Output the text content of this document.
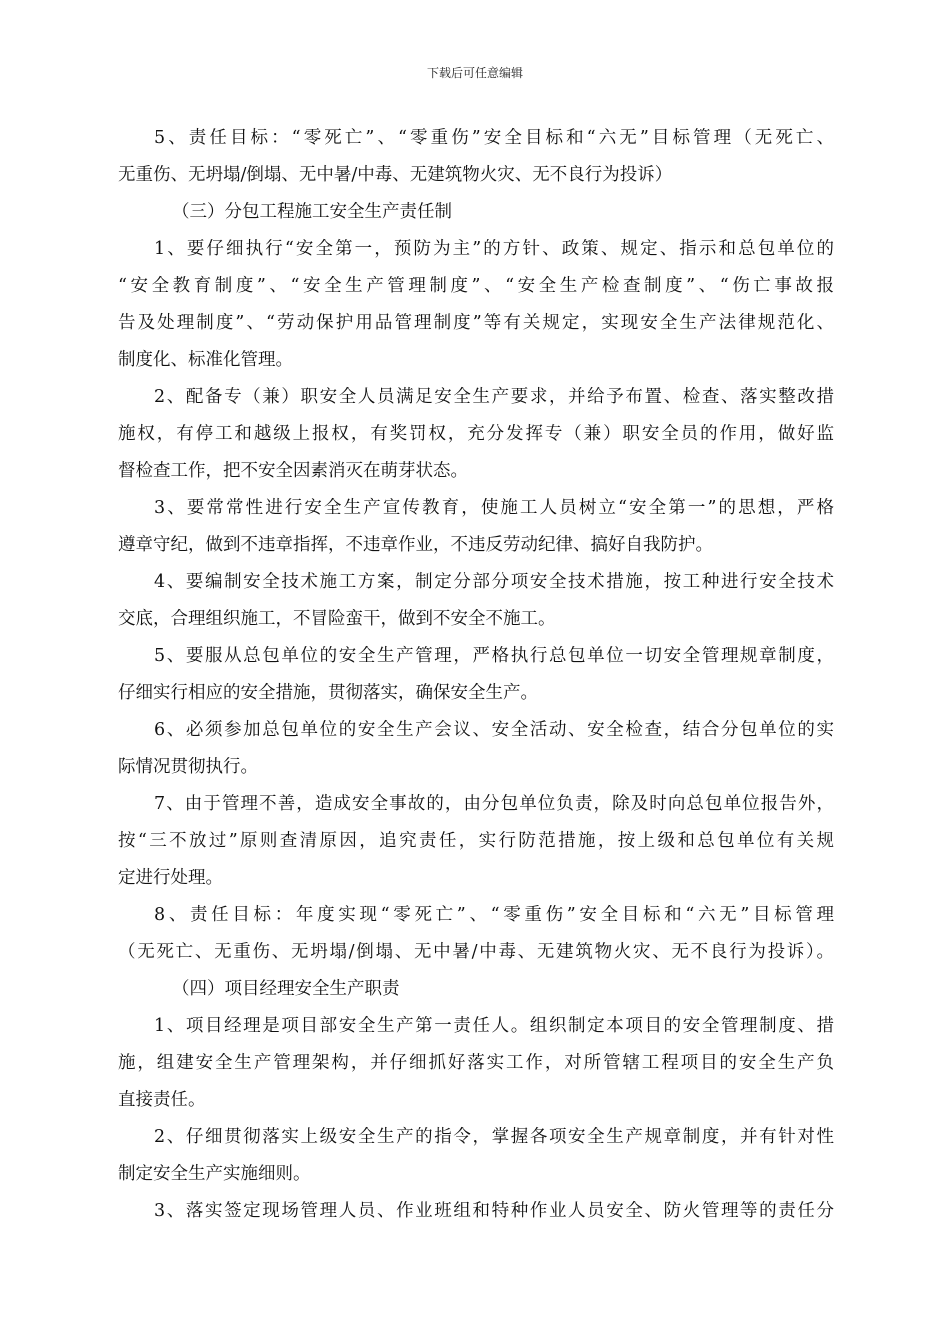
下载后可任意编辑
5、责任目标：“零死亡”、“零重伤”安全目标和“六无”目标管理（无死亡、
无重伤、无坍塌/倒塌、无中暑/中毒、无建筑物火灾、无不良行为投诉）
（三）分包工程施工安全生产责任制
1、要仔细执行“安全第一，预防为主”的方针、政策、规定、指示和总包单位的
“安全教育制度”、“安全生产管理制度”、“安全生产检查制度”、“伤亡事故报
告及处理制度”、“劳动保护用品管理制度”等有关规定，实现安全生产法律规范化、
制度化、标准化管理。
2、配备专（兼）职安全人员满足安全生产要求，并给予布置、检查、落实整改措
施权，有停工和越级上报权，有奖罚权，充分发挥专（兼）职安全员的作用，做好监
督检查工作，把不安全因素消灭在萌芽状态。
3、要常常性进行安全生产宣传教育，使施工人员树立“安全第一”的思想，严格
遵章守纪，做到不违章指挥，不违章作业，不违反劳动纪律、搞好自我防护。
4、要编制安全技术施工方案，制定分部分项安全技术措施，按工种进行安全技术
交底，合理组织施工，不冒险蛮干，做到不安全不施工。
5、要服从总包单位的安全生产管理，严格执行总包单位一切安全管理规章制度，
仔细实行相应的安全措施，贯彻落实，确保安全生产。
6、必须参加总包单位的安全生产会议、安全活动、安全检查，结合分包单位的实
际情况贯彻执行。
7、由于管理不善，造成安全事故的，由分包单位负责，除及时向总包单位报告外，
按“三不放过”原则查清原因，追究责任，实行防范措施，按上级和总包单位有关规
定进行处理。
8、责任目标：年度实现“零死亡”、“零重伤”安全目标和“六无”目标管理
（无死亡、无重伤、无坍塌/倒塌、无中暑/中毒、无建筑物火灾、无不良行为投诉）。
（四）项目经理安全生产职责
1、项目经理是项目部安全生产第一责任人。组织制定本项目的安全管理制度、措
施，组建安全生产管理架构，并仔细抓好落实工作，对所管辖工程项目的安全生产负
直接责任。
2、仔细贯彻落实上级安全生产的指令，掌握各项安全生产规章制度，并有针对性
制定安全生产实施细则。
3、落实签定现场管理人员、作业班组和特种作业人员安全、防火管理等的责任分
